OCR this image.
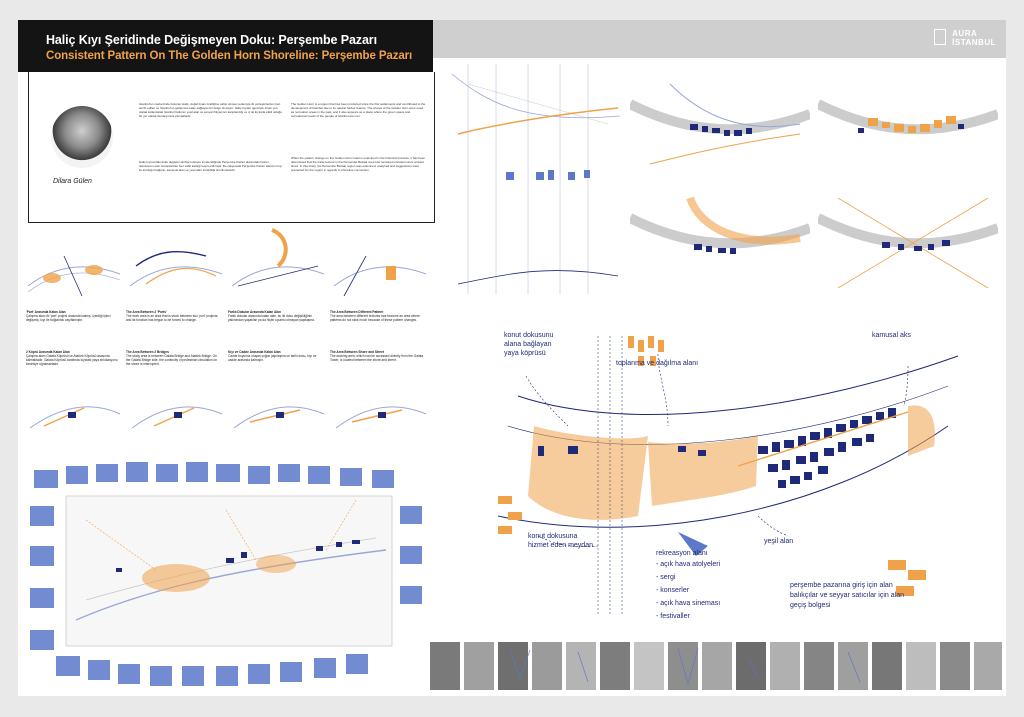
Haliç Kıyı Şeridinde Değişmeyen Doku: Perşembe Pazarı
Consistent Pattern On The Golden Horn Shoreline: Perşembe Pazarı
AURA
İSTANBUL
Dilara Gülen
İstanbul'un merkezinde bulunan Haliç, doğal liman özelliğine sahip olması nedeniyle ilk yerleşimlerden beri tercih edilen ve İstanbul'un gelişimine katkı sağlayan bir bölge olmuştur. Haliç kıyıları geçmişte liman yeri olarak kullanılarak İstanbul halkının yeşil alan ve sosyal ihtiyacının karşılandığı ve iç ile kıyılarla etkili olduğu bir yer olarak da karşımıza çıkmaktadır.
Haliç kıyısındaki doku değişimi tarihsel süreçte incelendiğinde Perşembe Pazarı alanındaki ticaret dokusunun eski zamanlardan beri sabit kaldığı tespit edilmiştir. Bu çalışmada Perşembe Pazarı alanının kıyı ile kurduğu bağlantı, kamusal alan ve yeşil alan sürekliliği önerilmektedir.
The Golden Horn is a region that has been preferred since the first settlements and contributed to the development of Istanbul due to its natural harbor feature. The shores of the Golden Horn were used as recreation areas in the past, and it also appears as a place where the green space and recreational needs of the people of Istanbul are met.
When the pattern change on the Golden Horn coast is examined in the historical process, it has been determined that the trade texture in the Persembe Bazaar area has remained constant since ancient times. In this study, the Persembe Bazaar region was examined, analyzed and suggestions were presented for the region in regards to shoreline connection.
'Port' Arasında Kalan Alan
Çalışma alanı iki 'port' projesi arasında kalmış, içerdiği işlevi değişmiş; kıyı ile bağlantısı zayıflamıştır.
The Area Between 2 'Ports'
The work area is an area that is stuck between two 'port' projects, and its function has begun to be forced to change.
Farklı Dokular Arasında Kalan Alan
Farklı dokular arasında kalan alan, bu iki doku değişikliğinin yakınından yaşatılan ya da hiçbir uyumlu olmayan yapılaşma.
The Area Between Different Pattern
The area between different textures has become an area where patterns do not stick much because of these pattern changes.
2 Köprü Arasında Kalan Alan
Çalışma alanı Galata Köprüsü ve Atatürk Köprüsü arasında kalmaktadır. Galata Köprüsü tarafında kıyıdaki yaya sirkülasyonu kesintiye uğramaktadır.
The Area Between 2 Bridges
The study area is between Galata Bridge and Atatürk Bridge. On the Galata Bridge side, the continuity of pedestrian circulation on the shore is interrupted.
Kıyı ve Cadde Arasında Kalan Alan
Cadde boyunca oluşan yoğun yapılaşma ve tarihi doku, kıyı ve cadde arasında kalmıştır.
The Area Between Shore and Street
The working area, which can be accessed directly from the Galata Tower, is located between the shore and street.
konut dokusunu
alana bağlayan
yaya köprüsü
toplanma ve dağılma alanı
kamusal aks
konut dokusuna
hizmet eden meydan
yeşil alan
rekreasyon alanı
- açık hava atolyeleri
- sergi
- konserler
- açık hava sineması
- festivaller
perşembe pazarına giriş için alan
balıkçılar ve seyyar satıcılar için alan
geçiş bolgesi
